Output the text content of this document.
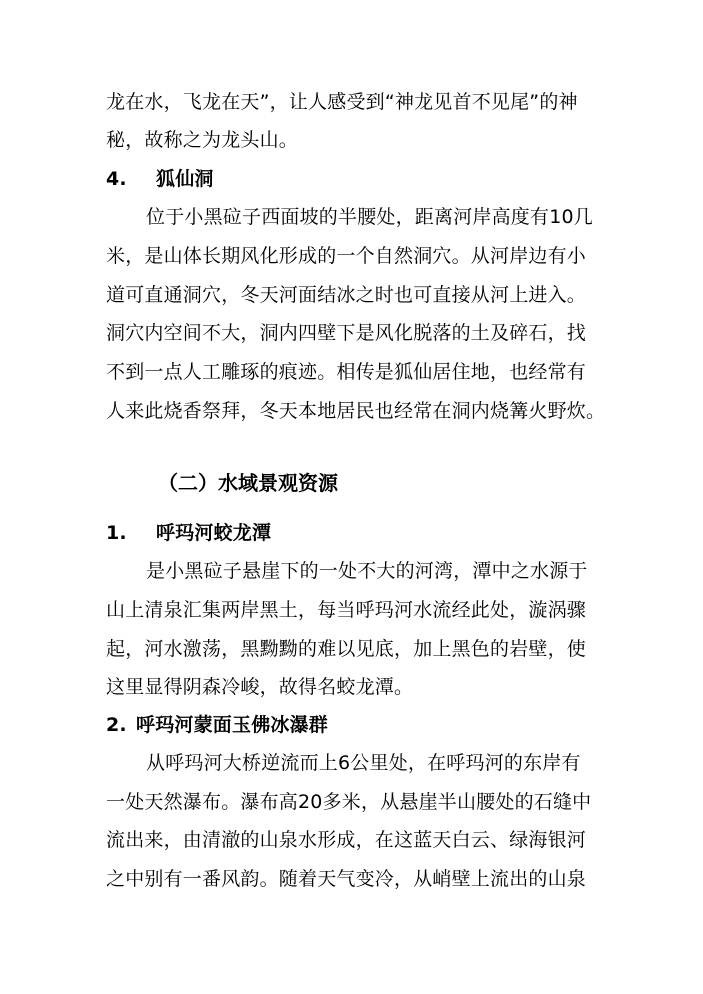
龙在水，飞龙在天”，让人感受到“神龙见首不见尾”的神
秘，故称之为龙头山。
4. 狐仙洞
位于小黑砬子西面坡的半腰处，距离河岸高度有10几
米，是山体长期风化形成的一个自然洞穴。从河岸边有小
道可直通洞穴，冬天河面结冰之时也可直接从河上进入。
洞穴内空间不大，洞内四壁下是风化脱落的土及碎石，找
不到一点人工雕琢的痕迹。相传是狐仙居住地，也经常有
人来此烧香祭拜，冬天本地居民也经常在洞内烧篝火野炊。
（二）水域景观资源
1. 呼玛河蛟龙潭
是小黑砬子悬崖下的一处不大的河湾，潭中之水源于
山上清泉汇集两岸黑土，每当呼玛河水流经此处，漩涡骤
起，河水激荡，黑黝黝的难以见底，加上黑色的岩壁，使
这里显得阴森冷峻，故得名蛟龙潭。
2. 呼玛河蒙面玉佛冰瀑群
从呼玛河大桥逆流而上6公里处，在呼玛河的东岸有
一处天然瀑布。瀑布高20多米，从悬崖半山腰处的石缝中
流出来，由清澈的山泉水形成，在这蓝天白云、绿海银河
之中别有一番风韵。随着天气变冷，从峭壁上流出的山泉
